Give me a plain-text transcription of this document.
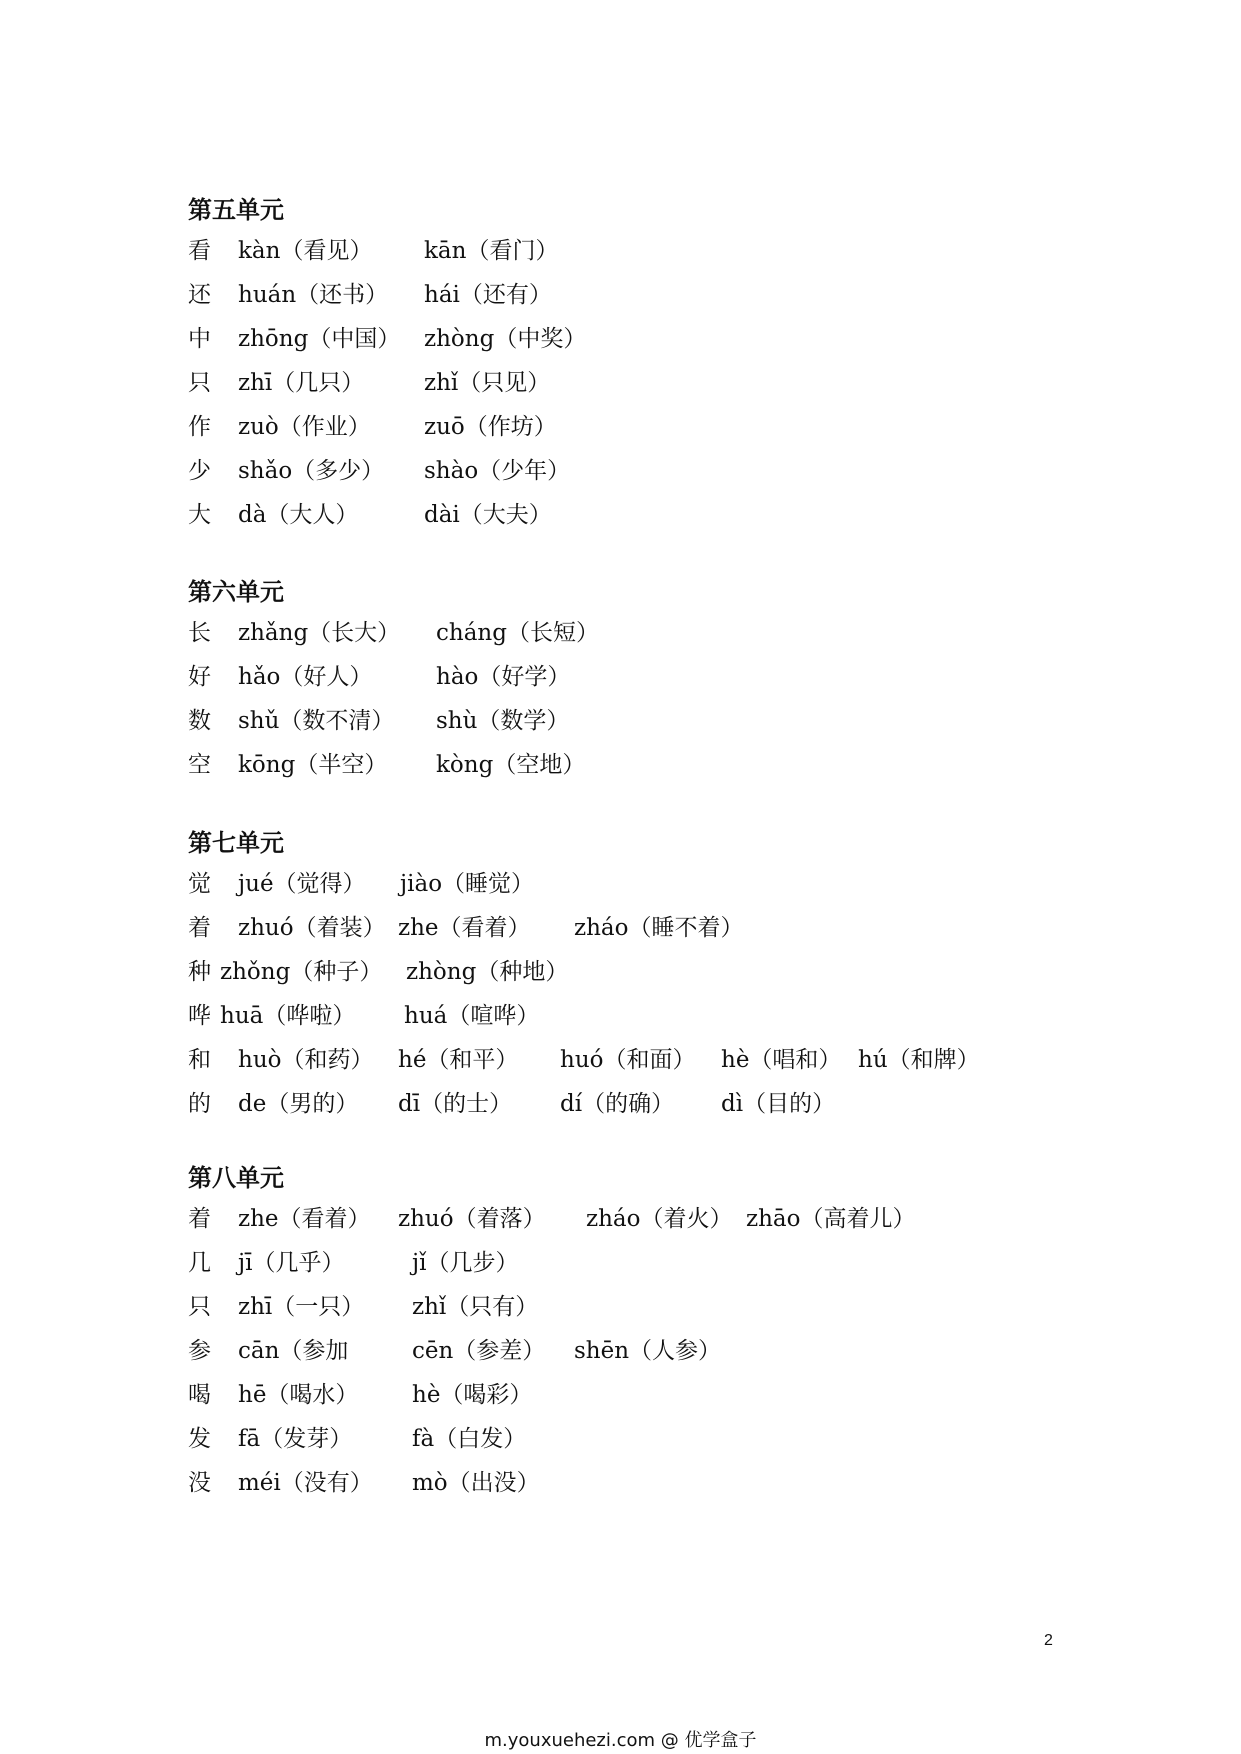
第五单元
看 kàn（看见） kān（看门）
还 huán（还书） hái（还有）
中 zhōng（中国） zhòng（中奖）
只 zhī（几只）	zhǐ（只见）
作 zuò（作业） zuō（作坊）
少 shǎo（多少） shào（少年）
大 dà（大人）	dài（大夫）
第六单元
长 zhǎng（长大） cháng（长短）
好 hǎo（好人）	hào（好学）
数 shǔ（数不清） shù（数学）
空 kōng（半空） kòng（空地）
第七单元
觉 jué（觉得） jiào（睡觉）
着 zhuó（着装） zhe（看着） zháo（睡不着）
种 zhǒng（种子） zhòng（种地）
哗 huā（哗啦） huá（喧哗）
和 huò（和药） hé（和平） huó（和面） hè（唱和） hú（和牌）
的 de（男的） dī（的士） dí（的确） dì（目的）
第八单元
着 zhe（看着） zhuó（着落） zháo（着火） zhāo（高着儿）
几 jī（几乎）	jǐ（几步）
只 zhī（一只） zhǐ（只有）
参 cān（参加	cēn（参差） shēn（人参）
喝 hē（喝水） hè（喝彩）
发 fā（发芽）	fà（白发）
没 méi（没有） mò（出没）
2
m.youxuehezi.com @ 优学盒子
